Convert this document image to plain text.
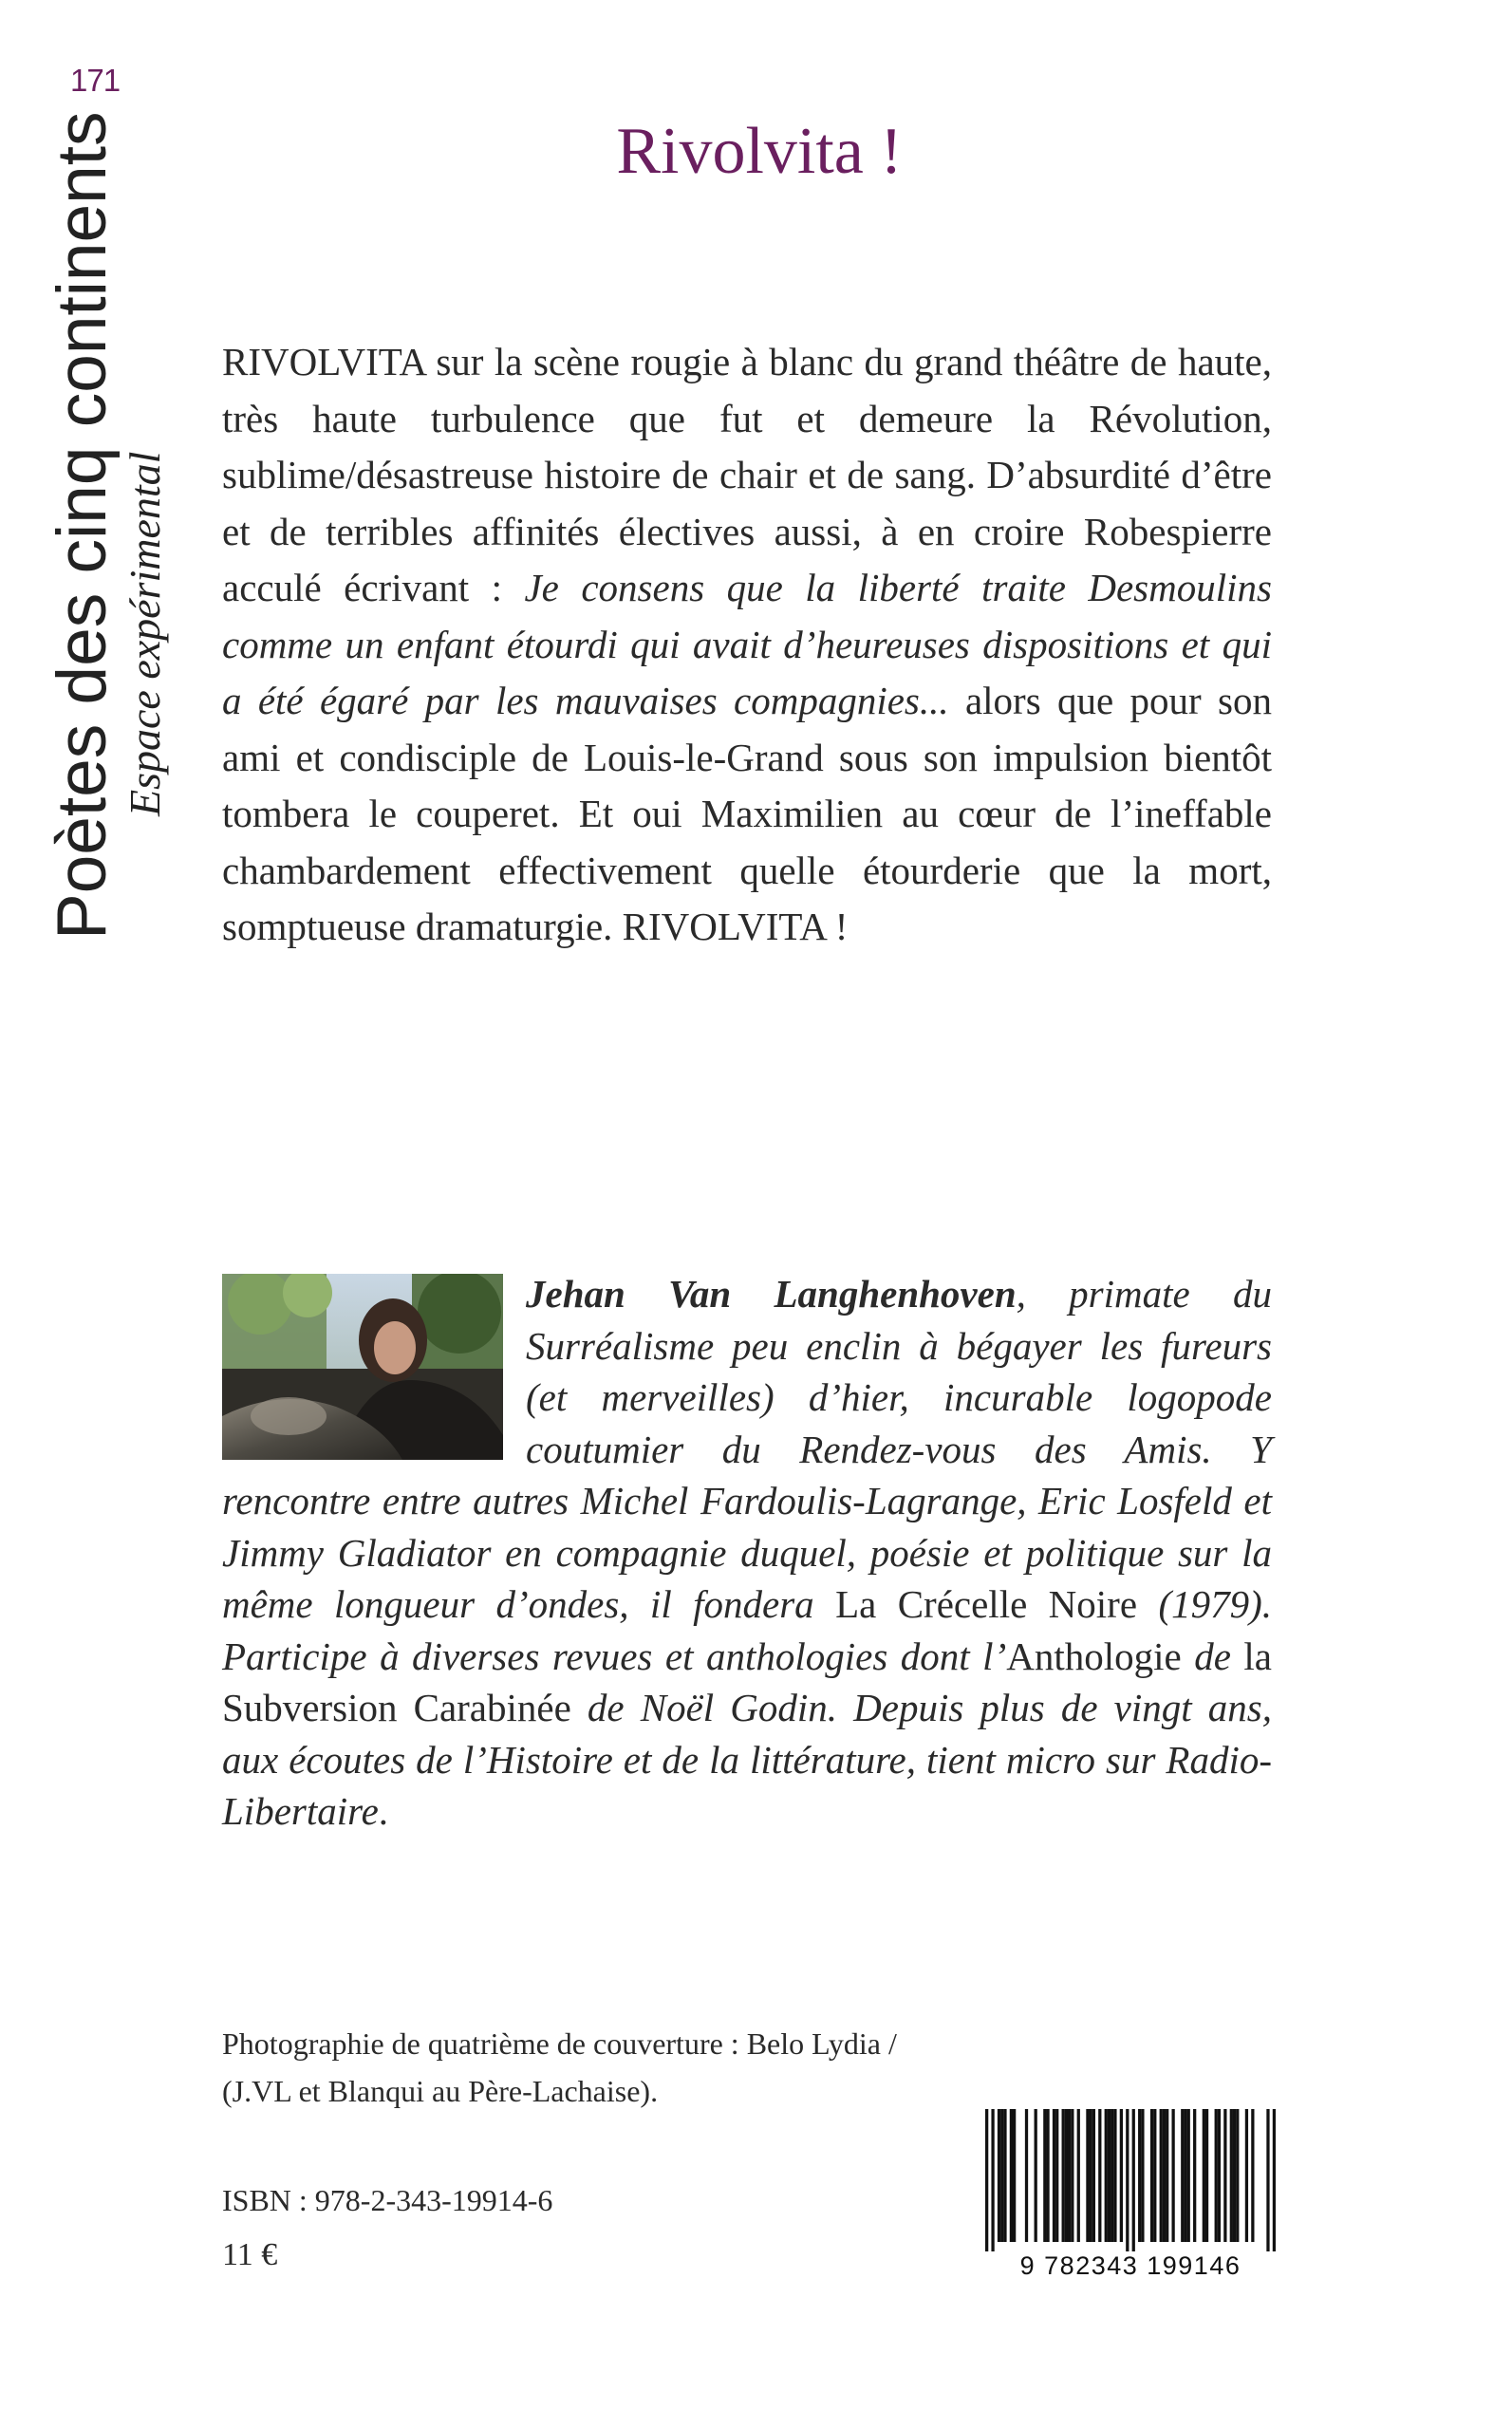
171
Poètes des cinq continents Espace expérimental
Rivolvita !

RIVOLVITA sur la scène rougie à blanc du grand théâtre de haute, très haute turbulence que fut et demeure la Révolution, sublime/désastreuse histoire de chair et de sang. D’absurdité d’être et de terribles affinités électives aussi, à en croire Robespierre acculé écrivant : Je consens que la liberté traite Desmoulins comme un enfant étourdi qui avait d’heureuses dispositions et qui a été égaré par les mauvaises compagnies... alors que pour son ami et condisciple de Louis-le-Grand sous son impulsion bientôt tombera le couperet. Et oui Maximilien au cœur de l’ineffable chambardement effectivement quelle étourderie que la mort, somptueuse dramaturgie. RIVOLVITA !

Jehan Van Langhenhoven, primate du Surréalisme peu enclin à bégayer les fureurs (et merveilles) d’hier, incurable logopode coutumier du Rendez-vous des Amis. Y rencontre entre autres Michel Fardoulis-Lagrange, Eric Losfeld et Jimmy Gladiator en compagnie duquel, poésie et politique sur la même longueur d’ondes, il fondera La Crécelle Noire (1979). Participe à diverses revues et anthologies dont l’Anthologie de la Subversion Carabinée de Noël Godin. Depuis plus de vingt ans, aux écoutes de l’Histoire et de la littérature, tient micro sur Radio-Libertaire.

Photographie de quatrième de couverture : Belo Lydia /
(J.VL et Blanqui au Père-Lachaise).

ISBN : 978-2-343-19914-6
11 €	9 782343 199146
